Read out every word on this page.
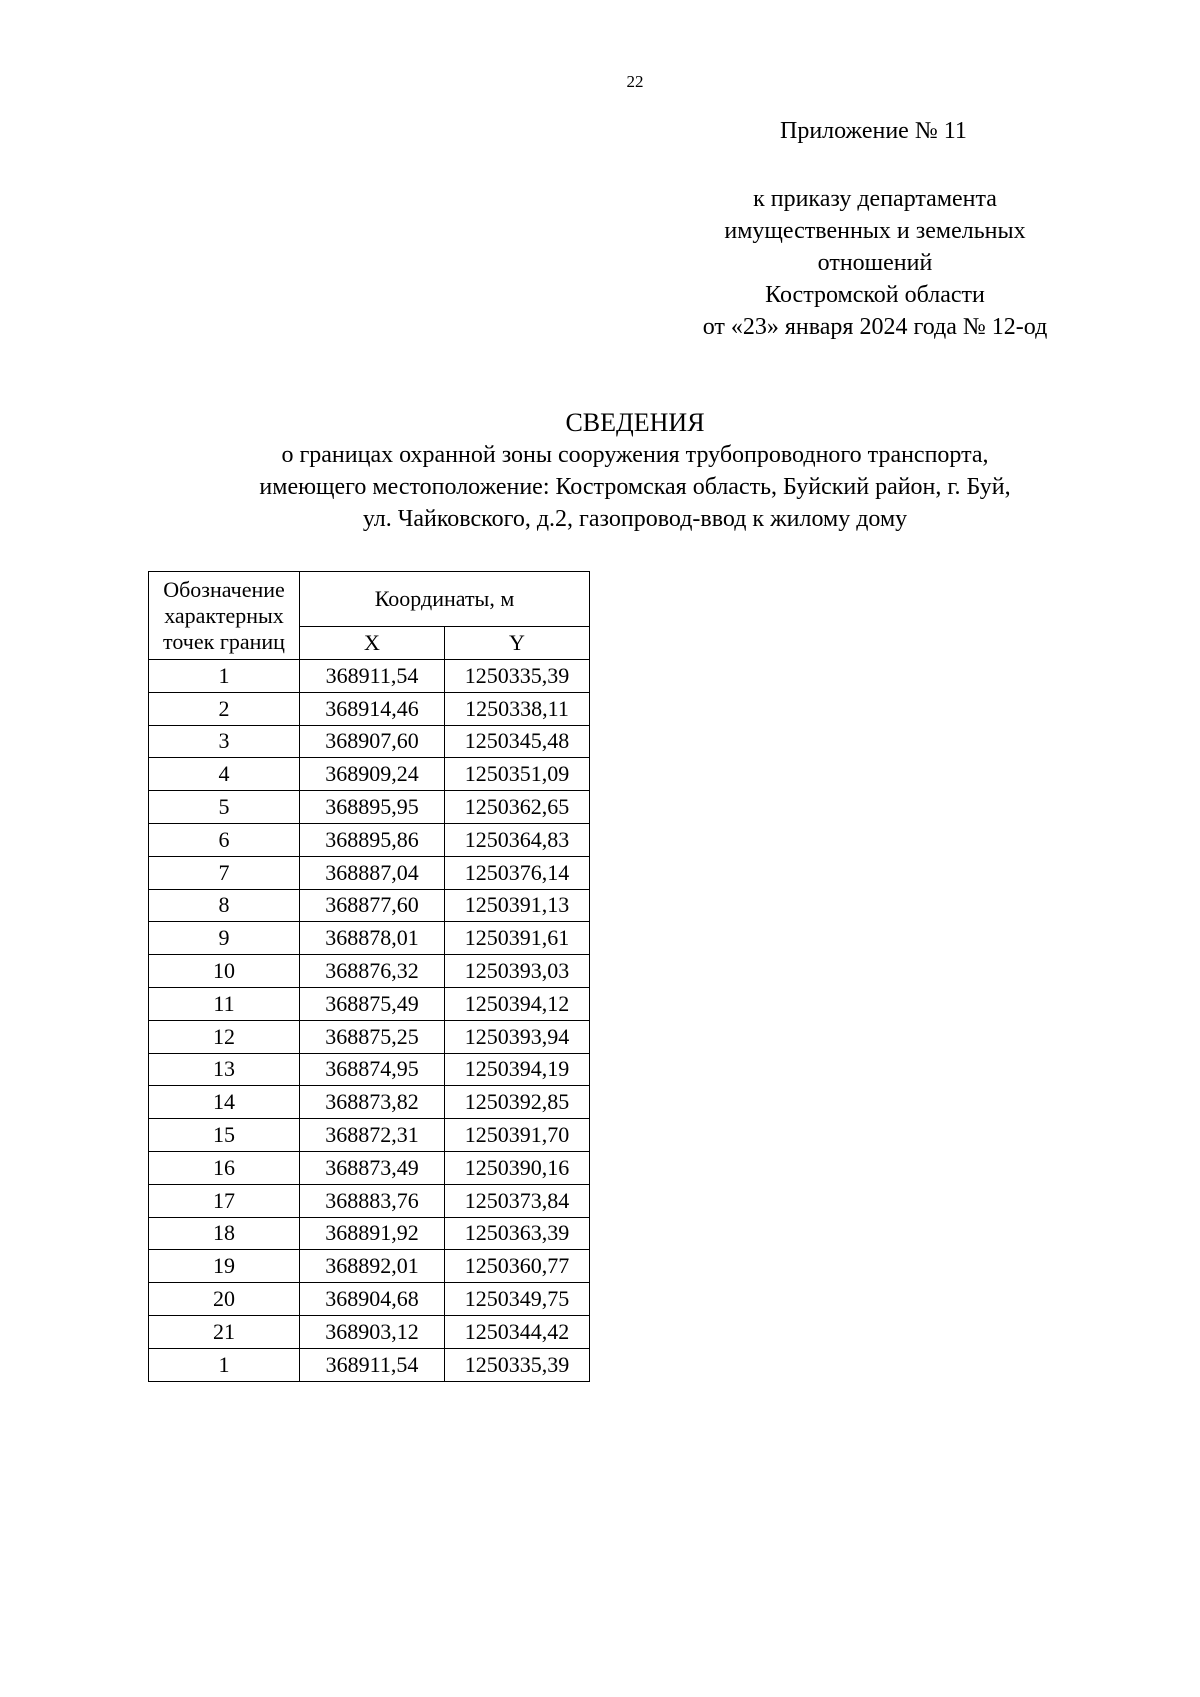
22
Приложение № 11
к приказу департамента
имущественных и земельных
отношений
Костромской области
от «23» января 2024 года № 12-од
СВЕДЕНИЯ
о границах охранной зоны сооружения трубопроводного транспорта,
имеющего местоположение: Костромская область, Буйский район, г. Буй,
ул. Чайковского, д.2, газопровод-ввод к жилому дому
Обозначение
характерных
точек границ	Координаты, м	
	X	Y
1	368911,54	1250335,39
2	368914,46	1250338,11
3	368907,60	1250345,48
4	368909,24	1250351,09
5	368895,95	1250362,65
6	368895,86	1250364,83
7	368887,04	1250376,14
8	368877,60	1250391,13
9	368878,01	1250391,61
10	368876,32	1250393,03
11	368875,49	1250394,12
12	368875,25	1250393,94
13	368874,95	1250394,19
14	368873,82	1250392,85
15	368872,31	1250391,70
16	368873,49	1250390,16
17	368883,76	1250373,84
18	368891,92	1250363,39
19	368892,01	1250360,77
20	368904,68	1250349,75
21	368903,12	1250344,42
1	368911,54	1250335,39
